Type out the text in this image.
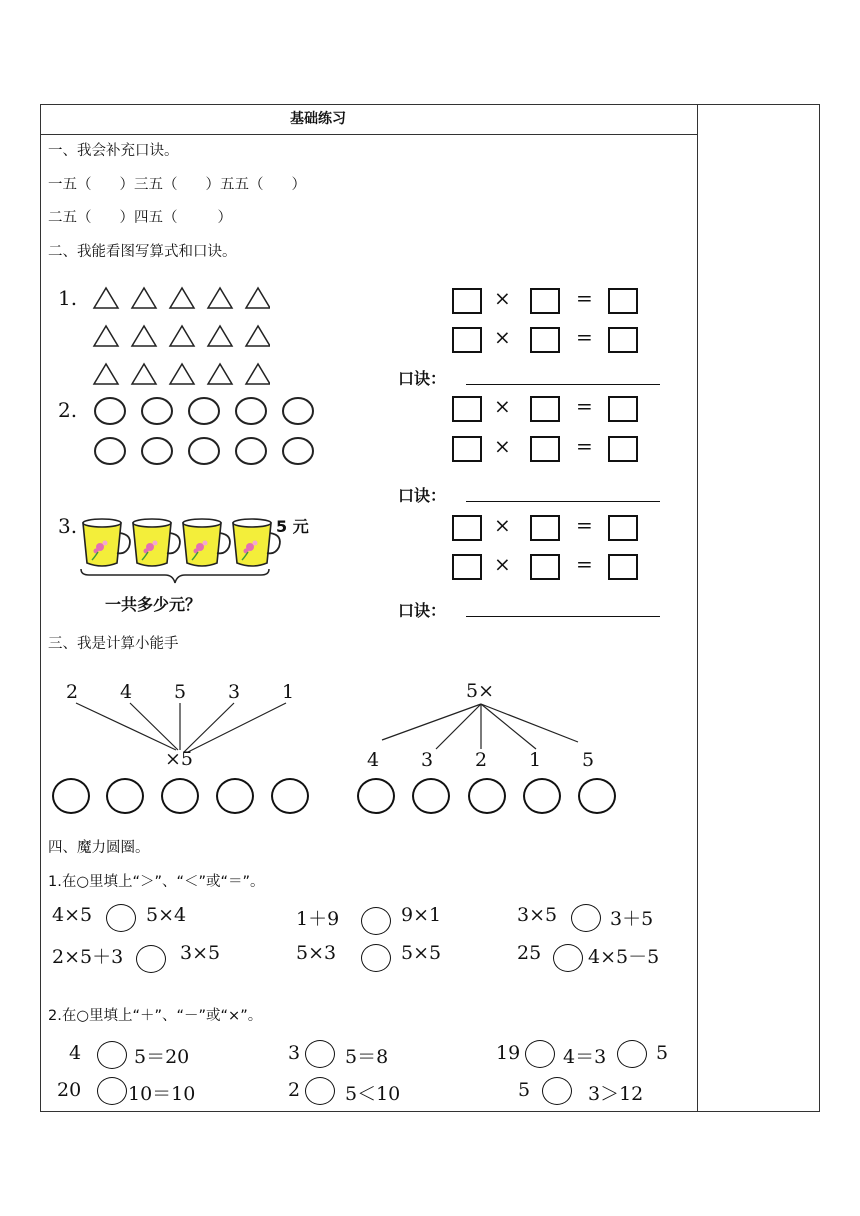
基础练习
一、我会补充口诀。
一五（ ）三五（ ）五五（ ）
二五（ ）四五（	）
二、我能看图写算式和口诀。
1.
2.
3.	5 元
一共多少元？
×	=
×	=
×	=
×	=
×	=
×	=
口诀：
口诀：
口诀：
三、我是计算小能手
2 4 5 3 1
×5
5×
4 3 2 1 5
四、魔力圆圈。
1.在○里填上“＞”、“＜”或“＝”。
4×5	5×4	1＋9	9×1	3×5	3＋5
2×5＋3	3×5	5×3	5×5	25 4×5－5
2.在○里填上“＋”、“－”或“×”。
4	5＝20	3 5＝8	19 4＝3	5
20 10＝10	2 5＜10	5	3＞12
